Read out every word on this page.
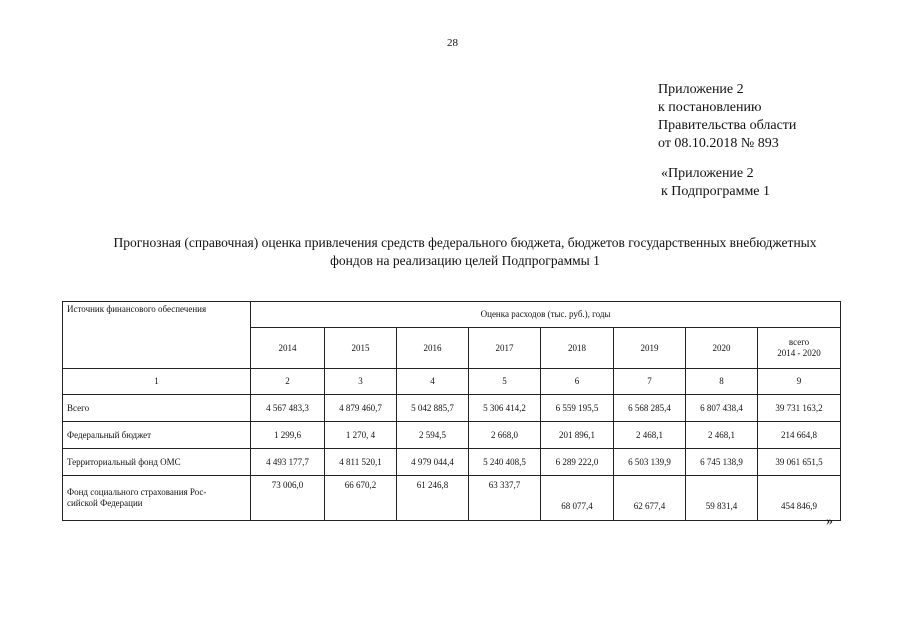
28
Приложение 2
к постановлению
Правительства области
от 08.10.2018 № 893
«Приложение 2
к Подпрограмме 1
Прогнозная (справочная) оценка привлечения средств федерального бюджета, бюджетов государственных внебюджетных
фондов на реализацию целей Подпрограммы 1
Источник финансового обеспечения	Оценка расходов (тыс. руб.), годы							
	2014	2015	2016	2017	2018	2019	2020	всего
2014 - 2020
1	2	3	4	5	6	7	8	9
Всего	4 567 483,3	4 879 460,7	5 042 885,7	5 306 414,2	6 559 195,5	6 568 285,4	6 807 438,4	39 731 163,2
Федеральный бюджет	1 299,6	1 270, 4	2 594,5	2 668,0	201 896,1	2 468,1	2 468,1	214 664,8
Территориальный фонд ОМС	4 493 177,7	4 811 520,1	4 979 044,4	5 240 408,5	6 289 222,0	6 503 139,9	6 745 138,9	39 061 651,5
Фонд социального страхования Рос-
сийской Федерации	73 006,0	66 670,2	61 246,8	63 337,7	68 077,4	62 677,4	59 831,4	454 846,9
»
